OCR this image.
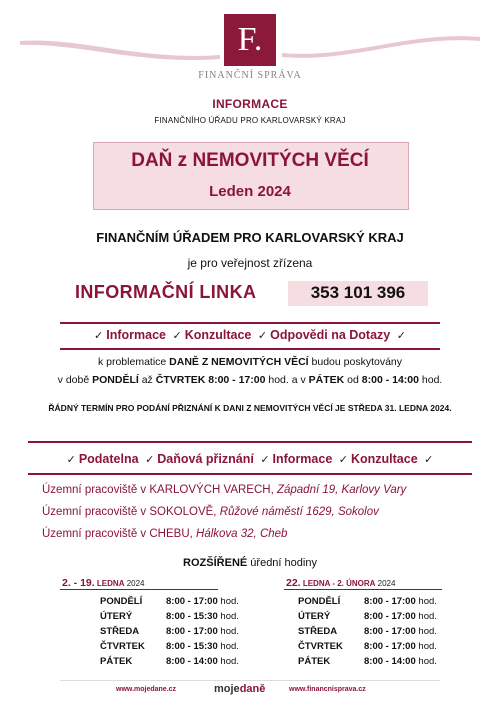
F.
FINANČNÍ SPRÁVA
INFORMACE
FINANČNÍHO ÚŘADU PRO KARLOVARSKÝ KRAJ
DAŇ z NEMOVITÝCH VĚCÍ
Leden 2024
FINANČNÍM ÚŘADEM PRO KARLOVARSKÝ KRAJ
je pro veřejnost zřízena
INFORMAČNÍ LINKA	353 101 396
✓ Informace ✓ Konzultace ✓ Odpovědi na Dotazy ✓
k problematice DANĚ Z NEMOVITÝCH VĚCÍ budou poskytovány
v době PONDĚLÍ až ČTVRTEK 8:00 - 17:00 hod. a v PÁTEK od 8:00 - 14:00 hod.
ŘÁDNÝ TERMÍN PRO PODÁNÍ PŘIZNÁNÍ K DANI Z NEMOVITÝCH VĚCÍ JE STŘEDA 31. LEDNA 2024.
✓ Podatelna ✓ Daňová přiznání ✓ Informace ✓ Konzultace ✓
Územní pracoviště v KARLOVÝCH VARECH, Západní 19, Karlovy Vary
Územní pracoviště v SOKOLOVĚ, Růžové náměstí 1629, Sokolov
Územní pracoviště v CHEBU, Hálkova 32, Cheb
ROZŠÍŘENÉ úřední hodiny
2. - 19. LEDNA 2024
PONDĚLÍ	8:00 - 17:00 hod.
ÚTERÝ	8:00 - 15:30 hod.
STŘEDA	8:00 - 17:00 hod.
ČTVRTEK	8:00 - 15:30 hod.
PÁTEK	8:00 - 14:00 hod.
22. LEDNA - 2. ÚNORA 2024
PONDĚLÍ	8:00 - 17:00 hod.
ÚTERÝ	8:00 - 17:00 hod.
STŘEDA	8:00 - 17:00 hod.
ČTVRTEK	8:00 - 17:00 hod.
PÁTEK	8:00 - 14:00 hod.
www.mojedane.cz	mojedaně	www.financnisprava.cz
